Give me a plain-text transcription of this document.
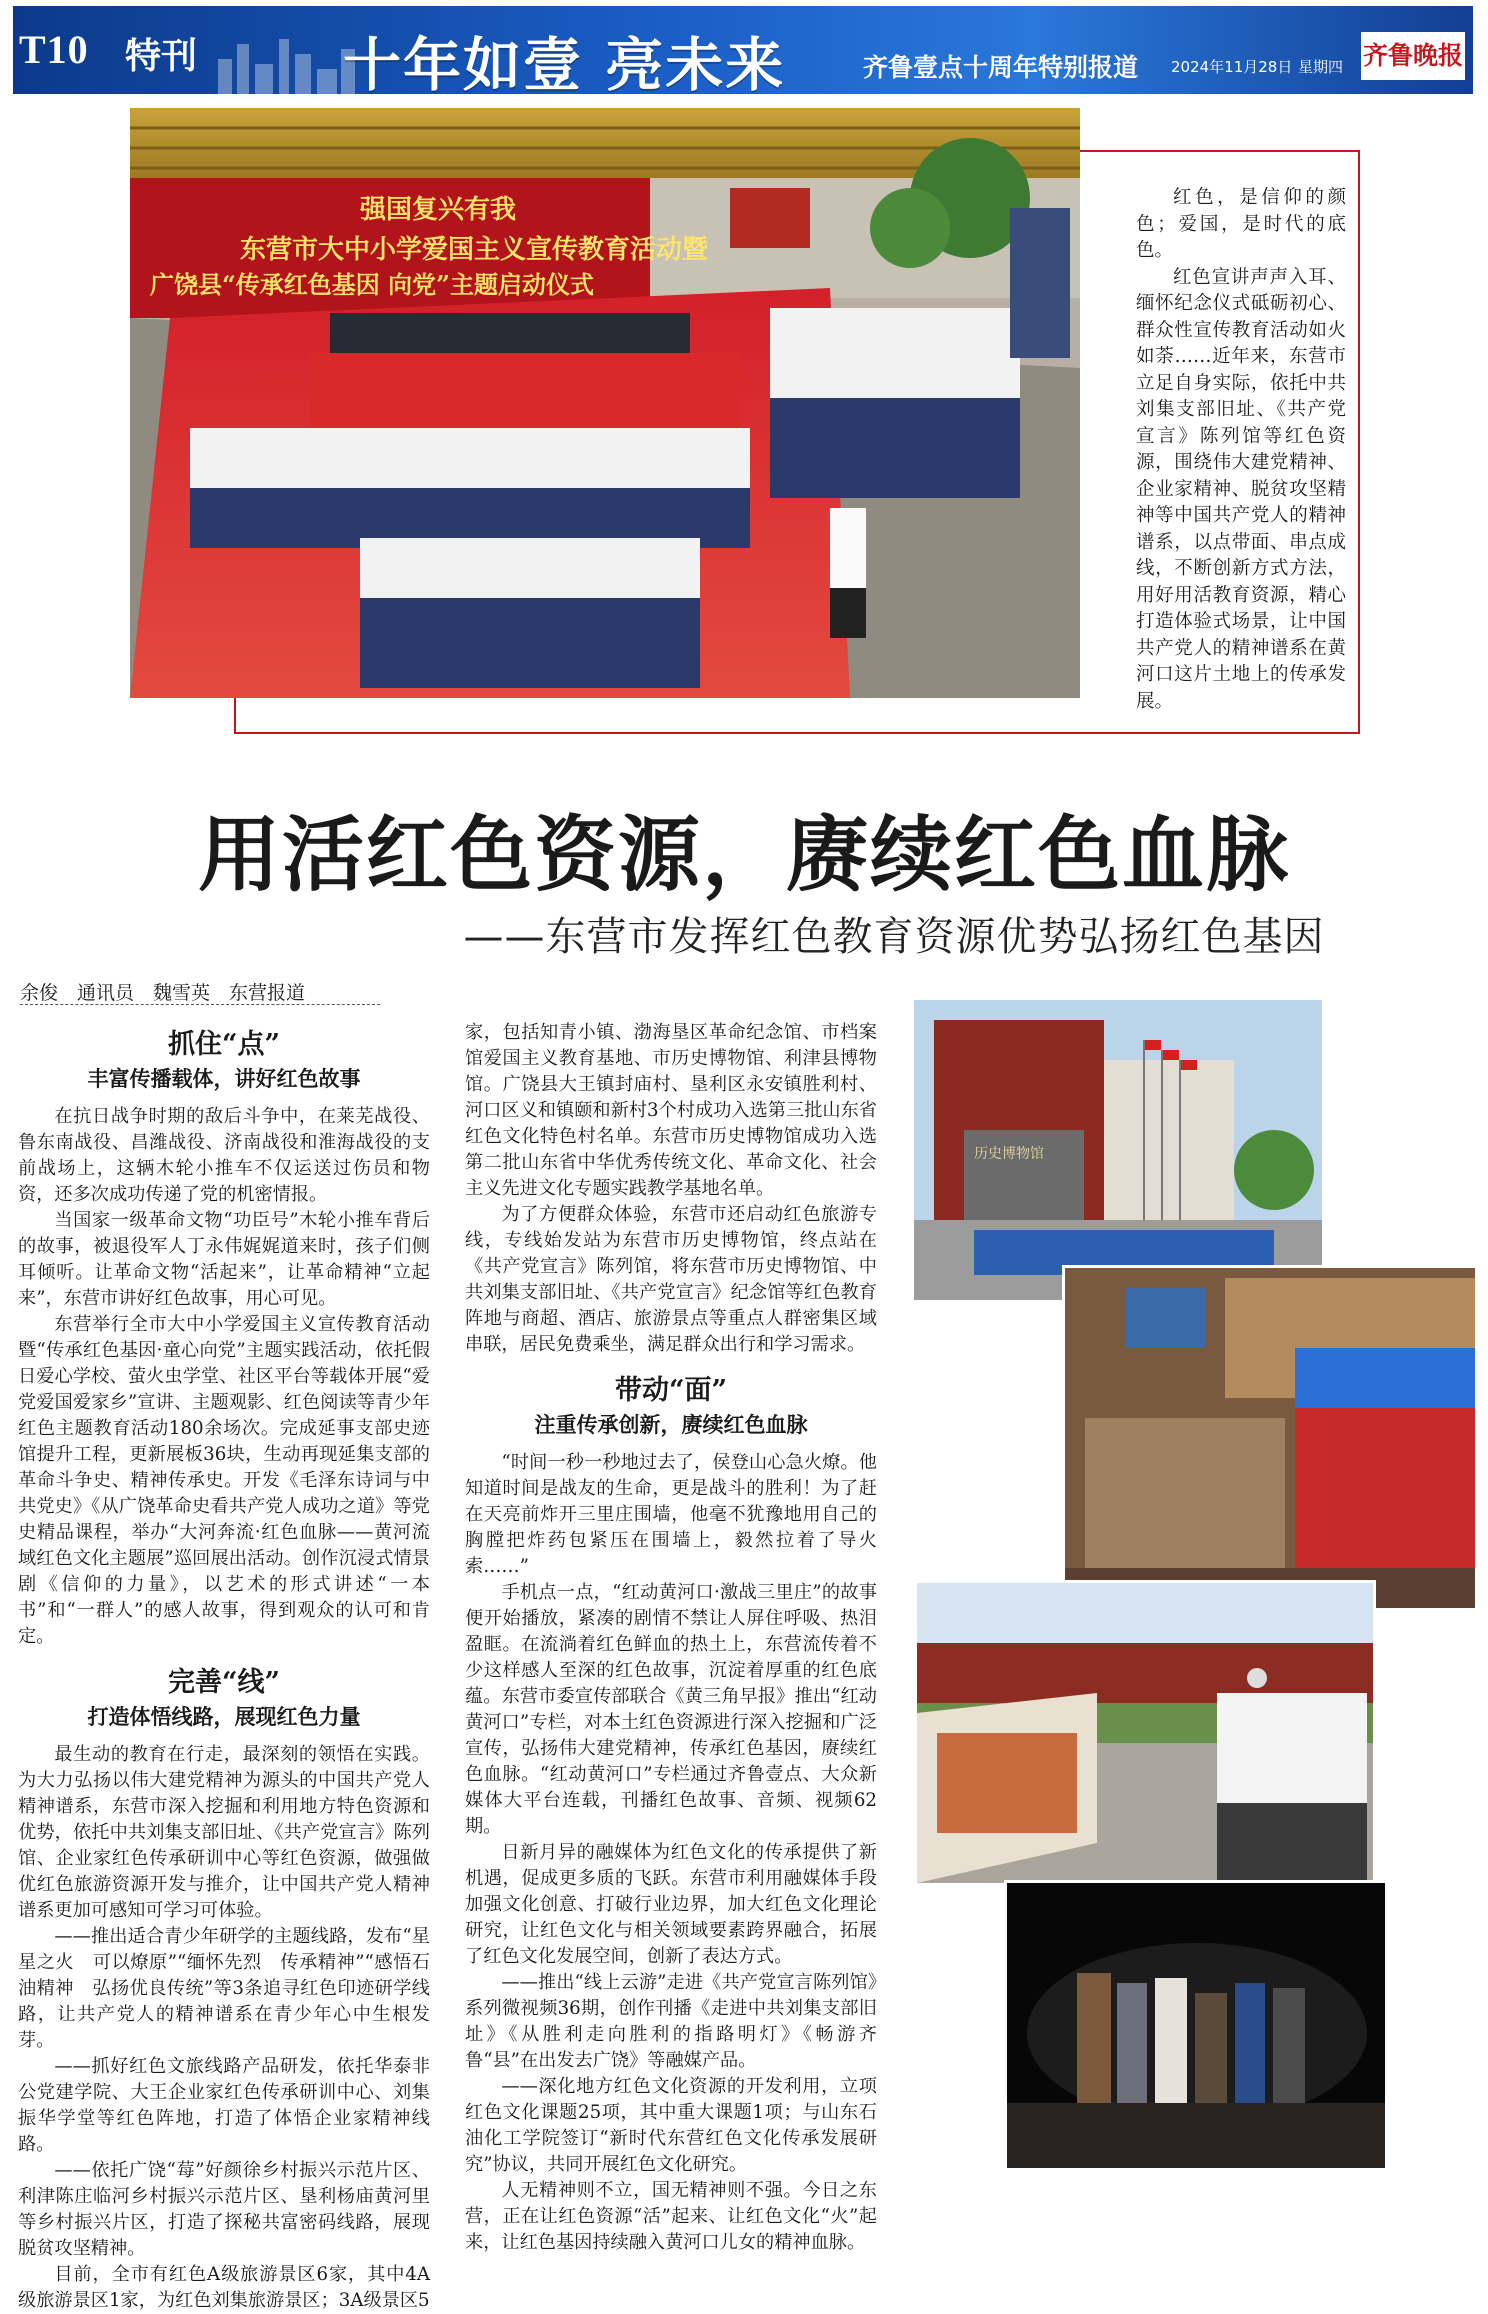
T10 特刊	十年如壹 亮未来	齐鲁壹点十周年特别报道 2024年11月28日 星期四 齐鲁晚报
强国复兴有我
东营市大中小学爱国主义宣传教育活动暨
广饶县“传承红色基因 向党”主题启动仪式

红色，是信仰的颜色；爱国，是时代的底色。

红色宣讲声声入耳、缅怀纪念仪式砥砺初心、群众性宣传教育活动如火如荼……近年来，东营市立足自身实际，依托中共刘集支部旧址、《共产党宣言》陈列馆等红色资源，围绕伟大建党精神、企业家精神、脱贫攻坚精神等中国共产党人的精神谱系，以点带面、串点成线，不断创新方式方法，用好用活教育资源，精心打造体验式场景，让中国共产党人的精神谱系在黄河口这片土地上的传承发展。

用活红色资源，赓续红色血脉
——东营市发挥红色教育资源优势弘扬红色基因
余俊　通讯员　魏雪英　东营报道

抓住“点”

丰富传播载体，讲好红色故事

在抗日战争时期的敌后斗争中，在莱芜战役、鲁东南战役、昌潍战役、济南战役和淮海战役的支前战场上，这辆木轮小推车不仅运送过伤员和物资，还多次成功传递了党的机密情报。

当国家一级革命文物“功臣号”木轮小推车背后的故事，被退役军人丁永伟娓娓道来时，孩子们侧耳倾听。让革命文物“活起来”，让革命精神“立起来”，东营市讲好红色故事，用心可见。

东营举行全市大中小学爱国主义宣传教育活动暨“传承红色基因·童心向党”主题实践活动，依托假日爱心学校、萤火虫学堂、社区平台等载体开展“爱党爱国爱家乡”宣讲、主题观影、红色阅读等青少年红色主题教育活动180余场次。完成延事支部史迹馆提升工程，更新展板36块，生动再现延集支部的革命斗争史、精神传承史。开发《毛泽东诗词与中共党史》《从广饶革命史看共产党人成功之道》等党史精品课程，举办“大河奔流·红色血脉——黄河流域红色文化主题展”巡回展出活动。创作沉浸式情景剧《信仰的力量》，以艺术的形式讲述“一本书”和“一群人”的感人故事，得到观众的认可和肯定。

完善“线”

打造体悟线路，展现红色力量

最生动的教育在行走，最深刻的领悟在实践。为大力弘扬以伟大建党精神为源头的中国共产党人精神谱系，东营市深入挖掘和利用地方特色资源和优势，依托中共刘集支部旧址、《共产党宣言》陈列馆、企业家红色传承研训中心等红色资源，做强做优红色旅游资源开发与推介，让中国共产党人精神谱系更加可感知可学习可体验。

——推出适合青少年研学的主题线路，发布“星星之火　可以燎原”“缅怀先烈　传承精神”“感悟石油精神　弘扬优良传统”等3条追寻红色印迹研学线路，让共产党人的精神谱系在青少年心中生根发芽。

——抓好红色文旅线路产品研发，依托华泰非公党建学院、大王企业家红色传承研训中心、刘集振华学堂等红色阵地，打造了体悟企业家精神线路。

——依托广饶“莓”好颜徐乡村振兴示范片区、利津陈庄临河乡村振兴示范片区、垦利杨庙黄河里等乡村振兴片区，打造了探秘共富密码线路，展现脱贫攻坚精神。

目前，全市有红色A级旅游景区6家，其中4A级旅游景区1家，为红色刘集旅游景区；3A级景区5

家，包括知青小镇、渤海垦区革命纪念馆、市档案馆爱国主义教育基地、市历史博物馆、利津县博物馆。广饶县大王镇封庙村、垦利区永安镇胜利村、河口区义和镇颐和新村3个村成功入选第三批山东省红色文化特色村名单。东营市历史博物馆成功入选第二批山东省中华优秀传统文化、革命文化、社会主义先进文化专题实践教学基地名单。

为了方便群众体验，东营市还启动红色旅游专线，专线始发站为东营市历史博物馆，终点站在《共产党宣言》陈列馆，将东营市历史博物馆、中共刘集支部旧址、《共产党宣言》纪念馆等红色教育阵地与商超、酒店、旅游景点等重点人群密集区域串联，居民免费乘坐，满足群众出行和学习需求。

带动“面”

注重传承创新，赓续红色血脉

“时间一秒一秒地过去了，侯登山心急火燎。他知道时间是战友的生命，更是战斗的胜利！为了赶在天亮前炸开三里庄围墙，他毫不犹豫地用自己的胸膛把炸药包紧压在围墙上，毅然拉着了导火索……”

手机点一点，“红动黄河口·激战三里庄”的故事便开始播放，紧凑的剧情不禁让人屏住呼吸、热泪盈眶。在流淌着红色鲜血的热土上，东营流传着不少这样感人至深的红色故事，沉淀着厚重的红色底蕴。东营市委宣传部联合《黄三角早报》推出“红动黄河口”专栏，对本土红色资源进行深入挖掘和广泛宣传，弘扬伟大建党精神，传承红色基因，赓续红色血脉。“红动黄河口”专栏通过齐鲁壹点、大众新媒体大平台连载，刊播红色故事、音频、视频62期。

日新月异的融媒体为红色文化的传承提供了新机遇，促成更多质的飞跃。东营市利用融媒体手段加强文化创意、打破行业边界，加大红色文化理论研究，让红色文化与相关领域要素跨界融合，拓展了红色文化发展空间，创新了表达方式。

——推出“线上云游”走进《共产党宣言陈列馆》系列微视频36期，创作刊播《走进中共刘集支部旧址》《从胜利走向胜利的指路明灯》《畅游齐鲁“县”在出发去广饶》等融媒产品。

——深化地方红色文化资源的开发利用，立项红色文化课题25项，其中重大课题1项；与山东石油化工学院签订“新时代东营红色文化传承发展研究”协议，共同开展红色文化研究。

人无精神则不立，国无精神则不强。今日之东营，正在让红色资源“活”起来、让红色文化“火”起来，让红色基因持续融入黄河口儿女的精神血脉。

历史博物馆
